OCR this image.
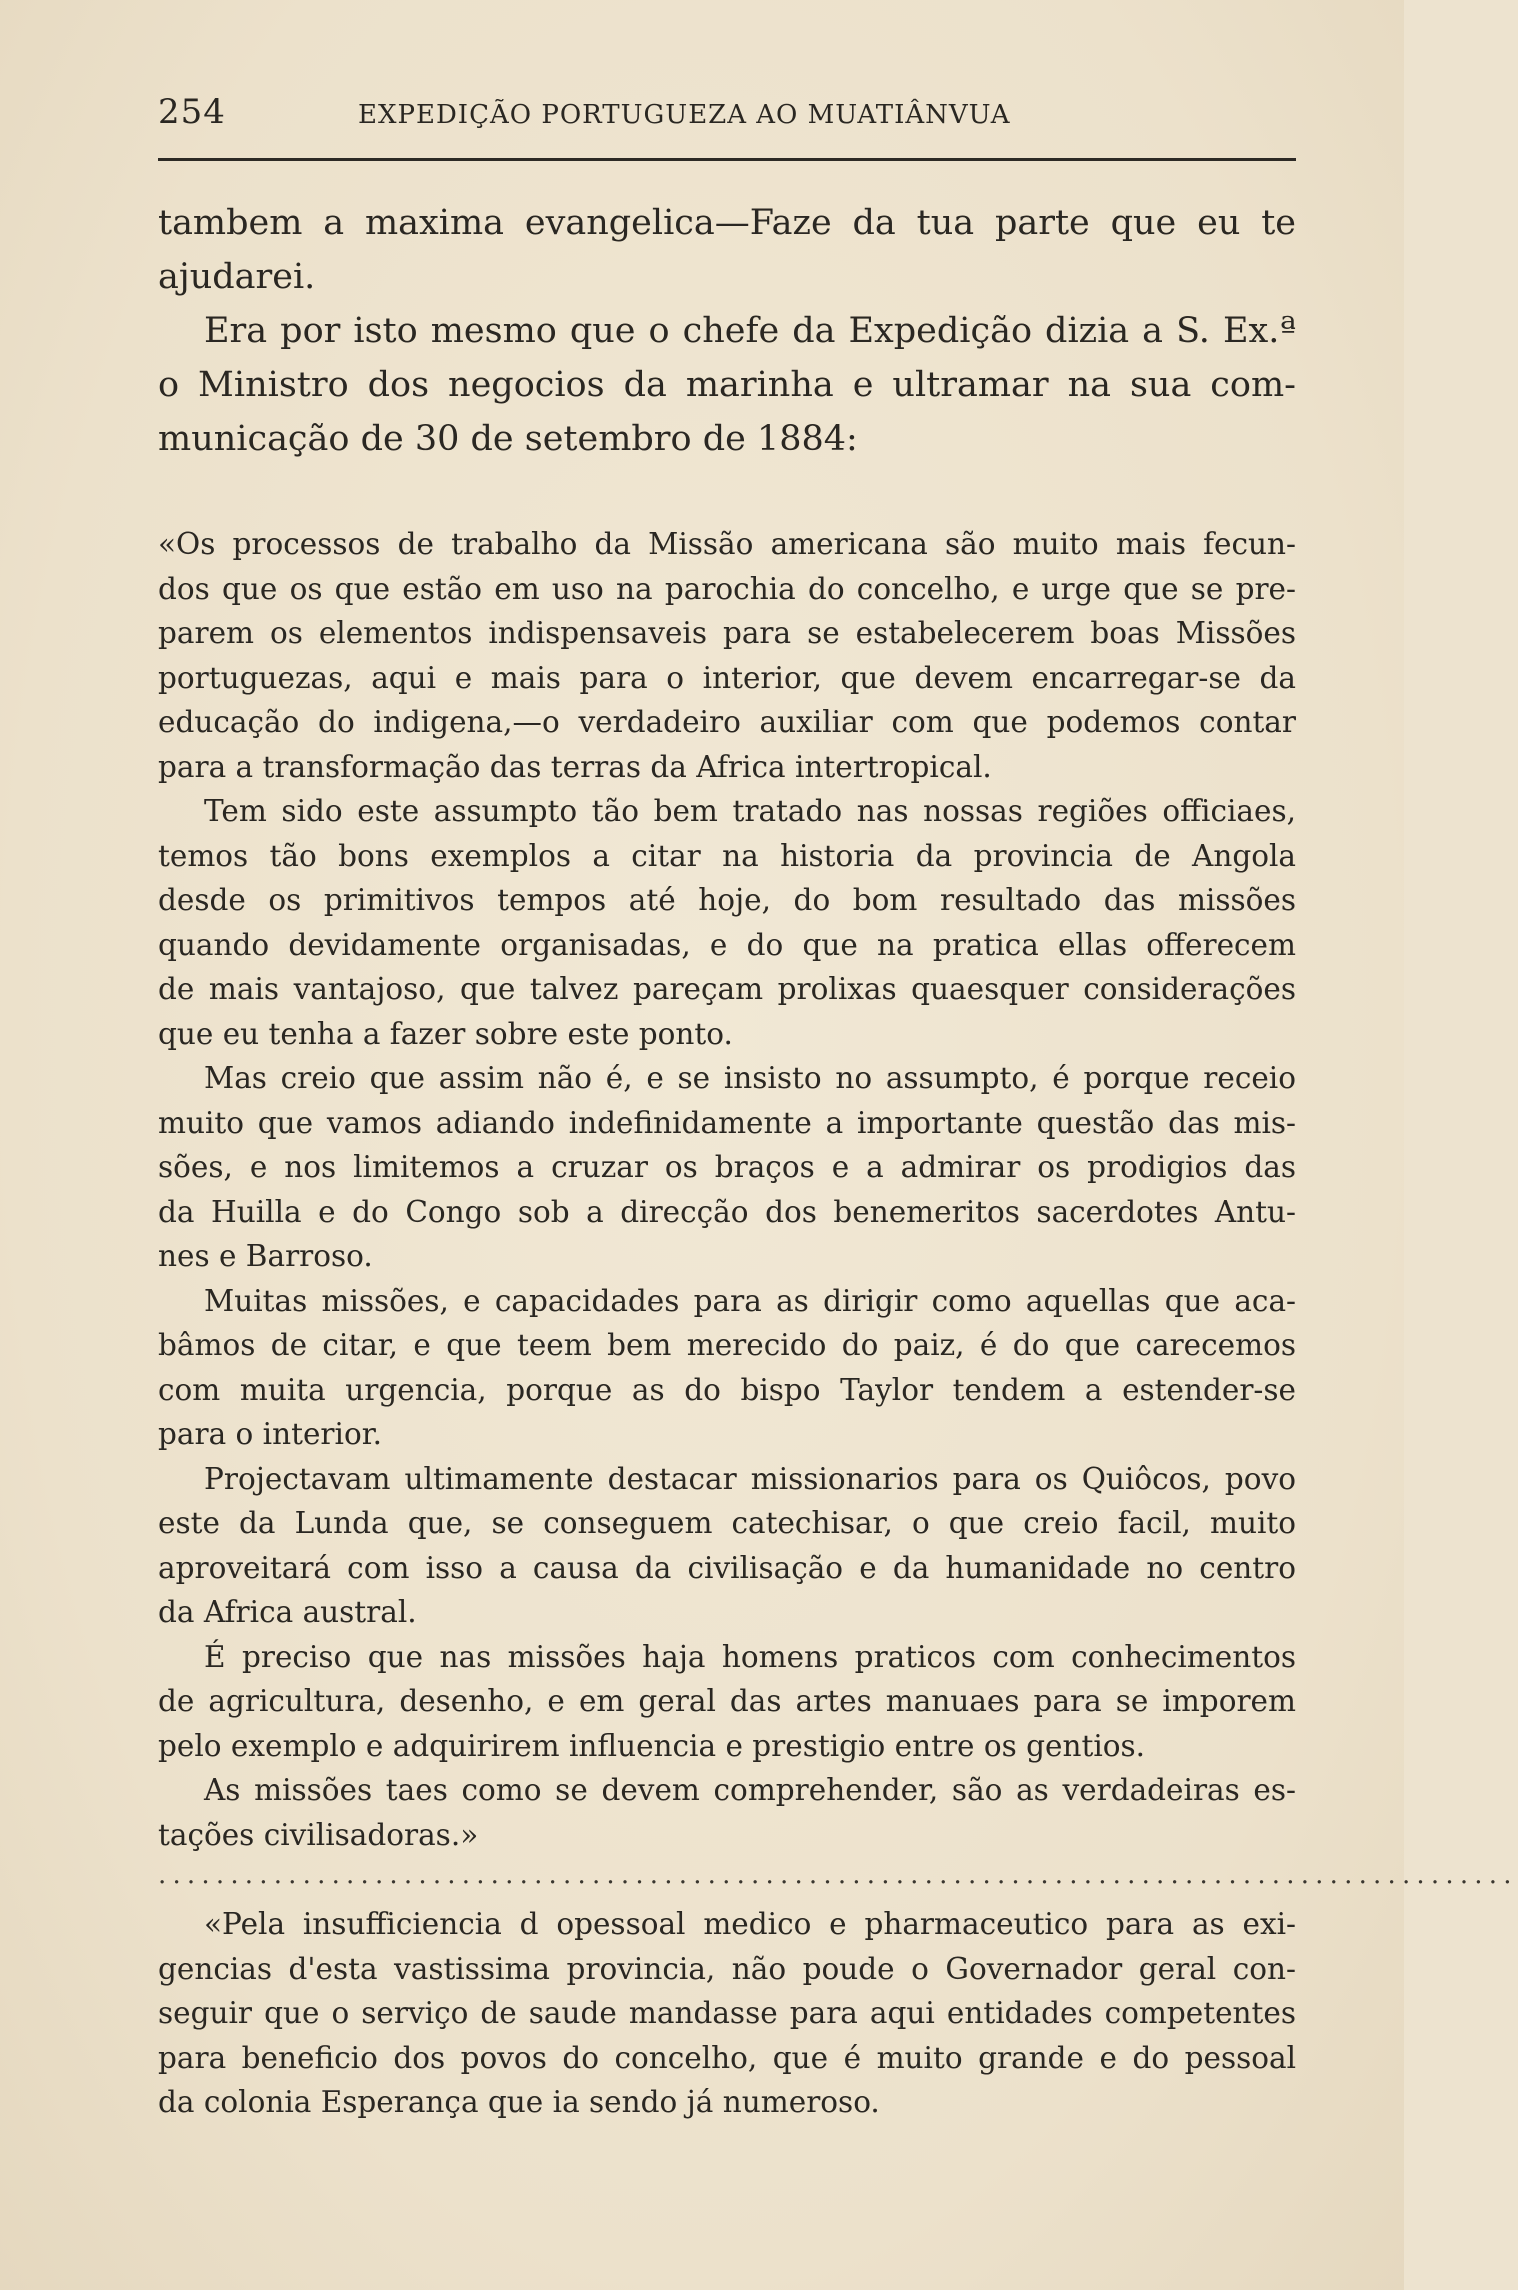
254	EXPEDIÇÃO PORTUGUEZA AO MUATIÂNVUA
tambem a maxima evangelica—Faze da tua parte que eu te
ajudarei.
Era por isto mesmo que o chefe da Expedição dizia a S. Ex.ª
o Ministro dos negocios da marinha e ultramar na sua com-
municação de 30 de setembro de 1884:
«Os processos de trabalho da Missão americana são muito mais fecun-
dos que os que estão em uso na parochia do concelho, e urge que se pre-
parem os elementos indispensaveis para se estabelecerem boas Missões
portuguezas, aqui e mais para o interior, que devem encarregar-se da
educação do indigena,—o verdadeiro auxiliar com que podemos contar
para a transformação das terras da Africa intertropical.
Tem sido este assumpto tão bem tratado nas nossas regiões officiaes,
temos tão bons exemplos a citar na historia da provincia de Angola
desde os primitivos tempos até hoje, do bom resultado das missões
quando devidamente organisadas, e do que na pratica ellas offerecem
de mais vantajoso, que talvez pareçam prolixas quaesquer considerações
que eu tenha a fazer sobre este ponto.
Mas creio que assim não é, e se insisto no assumpto, é porque receio
muito que vamos adiando indefinidamente a importante questão das mis-
sões, e nos limitemos a cruzar os braços e a admirar os prodigios das
da Huilla e do Congo sob a direcção dos benemeritos sacerdotes Antu-
nes e Barroso.
Muitas missões, e capacidades para as dirigir como aquellas que aca-
bâmos de citar, e que teem bem merecido do paiz, é do que carecemos
com muita urgencia, porque as do bispo Taylor tendem a estender-se
para o interior.
Projectavam ultimamente destacar missionarios para os Quiôcos, povo
este da Lunda que, se conseguem catechisar, o que creio facil, muito
aproveitará com isso a causa da civilisação e da humanidade no centro
da Africa austral.
É preciso que nas missões haja homens praticos com conhecimentos
de agricultura, desenho, e em geral das artes manuaes para se imporem
pelo exemplo e adquirirem influencia e prestigio entre os gentios.
As missões taes como se devem comprehender, são as verdadeiras es-
tações civilisadoras.»
..............................................................................................
«Pela insufficiencia d opessoal medico e pharmaceutico para as exi-
gencias d'esta vastissima provincia, não poude o Governador geral con-
seguir que o serviço de saude mandasse para aqui entidades competentes
para beneficio dos povos do concelho, que é muito grande e do pessoal
da colonia Esperança que ia sendo já numeroso.
